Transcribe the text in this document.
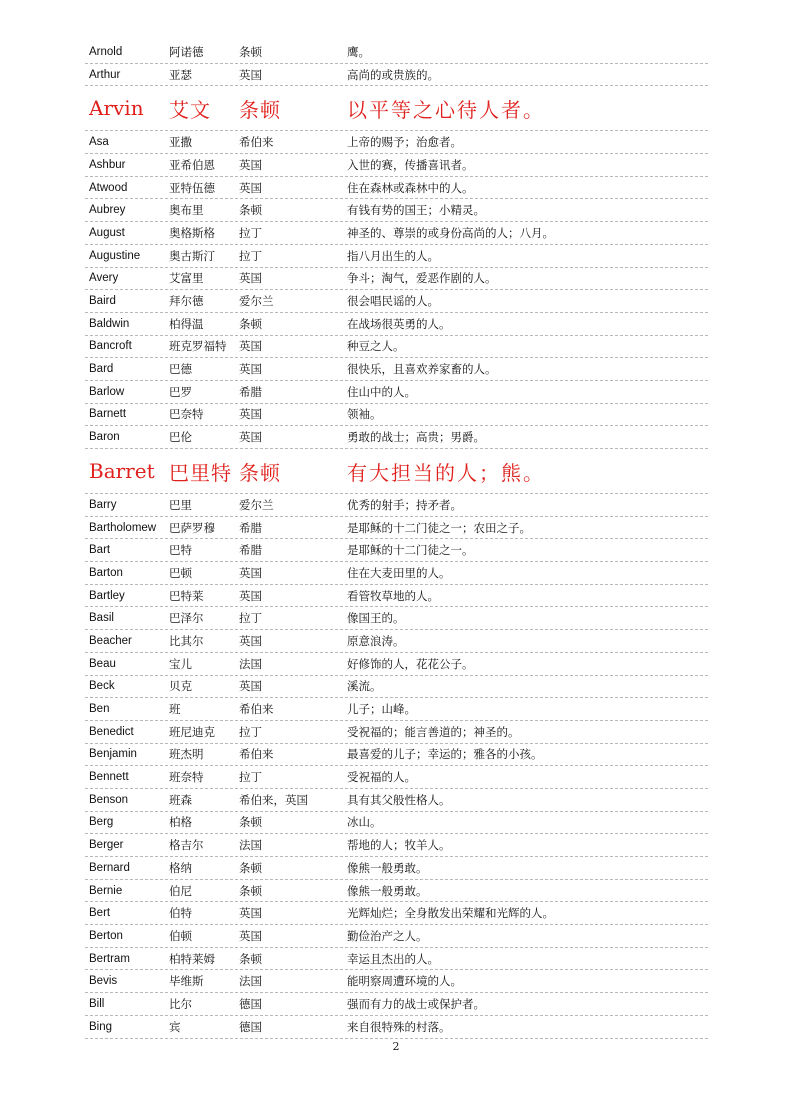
Arnold	阿诺德	条顿	鹰。
Arthur	亚瑟	英国	高尚的或贵族的。
Arvin	艾文	条顿	以平等之心待人者。
Asa	亚撒	希伯来	上帝的赐予；治愈者。
Ashbur	亚希伯恩	英国	入世的赛，传播喜讯者。
Atwood	亚特伍德	英国	住在森林或森林中的人。
Aubrey	奥布里	条顿	有钱有势的国王；小精灵。
August	奥格斯格	拉丁	神圣的、尊崇的或身份高尚的人；八月。
Augustine	奥古斯汀	拉丁	指八月出生的人。
Avery	艾富里	英国	争斗；淘气，爱恶作剧的人。
Baird	拜尔德	爱尔兰	很会唱民谣的人。
Baldwin	柏得温	条顿	在战场很英勇的人。
Bancroft	班克罗福特	英国	种豆之人。
Bard	巴德	英国	很快乐，且喜欢养家畜的人。
Barlow	巴罗	希腊	住山中的人。
Barnett	巴奈特	英国	领袖。
Baron	巴伦	英国	勇敢的战士；高贵；男爵。
Barret 巴里特 条顿	有大担当的人；熊。
Barry	巴里	爱尔兰	优秀的射手；持矛者。
Bartholomew	巴萨罗穆	希腊	是耶稣的十二门徒之一；农田之子。
Bart	巴特	希腊	是耶稣的十二门徒之一。
Barton	巴顿	英国	住在大麦田里的人。
Bartley	巴特莱	英国	看管牧草地的人。
Basil	巴泽尔	拉丁	像国王的。
Beacher	比其尔	英国	原意浪涛。
Beau	宝儿	法国	好修饰的人，花花公子。
Beck	贝克	英国	溪流。
Ben	班	希伯来	儿子；山峰。
Benedict	班尼迪克	拉丁	受祝福的；能言善道的；神圣的。
Benjamin	班杰明	希伯来	最喜爱的儿子；幸运的；雅各的小孩。
Bennett	班奈特	拉丁	受祝福的人。
Benson	班森	希伯来，英国	具有其父般性格人。
Berg	柏格	条顿	冰山。
Berger	格吉尔	法国	帮地的人；牧羊人。
Bernard	格纳	条顿	像熊一般勇敢。
Bernie	伯尼	条顿	像熊一般勇敢。
Bert	伯特	英国	光辉灿烂；全身散发出荣耀和光辉的人。
Berton	伯顿	英国	勤俭治产之人。
Bertram	柏特莱姆	条顿	幸运且杰出的人。
Bevis	毕维斯	法国	能明察周遭环境的人。
Bill	比尔	德国	强而有力的战士或保护者。
Bing	宾	德国	来自很特殊的村落。
2
